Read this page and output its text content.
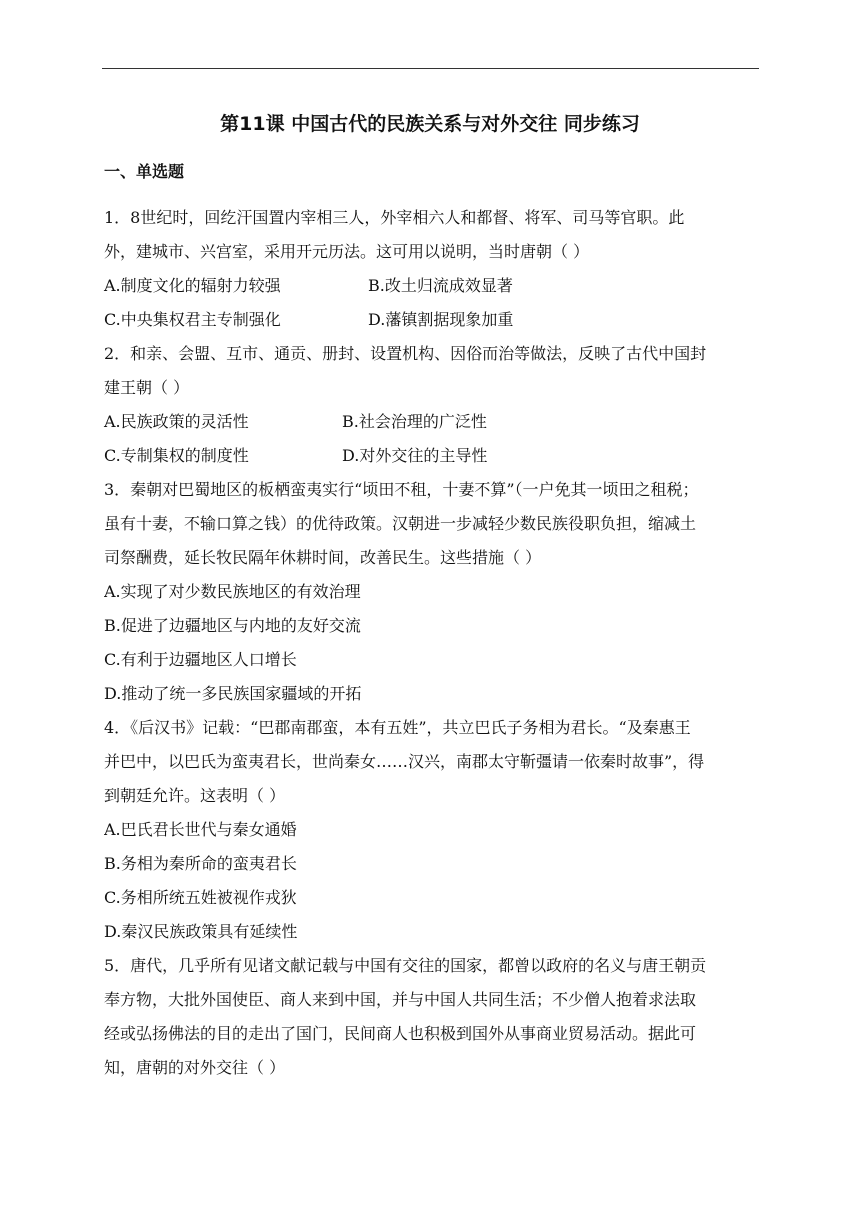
第11课 中国古代的民族关系与对外交往 同步练习
一、单选题
1．8世纪时，回纥汗国置内宰相三人，外宰相六人和都督、将军、司马等官职。此
外，建城市、兴宫室，采用开元历法。这可用以说明，当时唐朝（ ）
A.制度文化的辐射力较强	B.改土归流成效显著
C.中央集权君主专制强化	D.藩镇割据现象加重
2．和亲、会盟、互市、通贡、册封、设置机构、因俗而治等做法，反映了古代中国封
建王朝（ ）
A.民族政策的灵活性	B.社会治理的广泛性
C.专制集权的制度性	D.对外交往的主导性
3．秦朝对巴蜀地区的板栖蛮夷实行“顷田不租，十妻不算”（一户免其一顷田之租税；
虽有十妻，不输口算之钱）的优待政策。汉朝进一步减轻少数民族役职负担，缩减土
司祭酬费，延长牧民隔年休耕时间，改善民生。这些措施（ ）
A.实现了对少数民族地区的有效治理
B.促进了边疆地区与内地的友好交流
C.有利于边疆地区人口增长
D.推动了统一多民族国家疆域的开拓
4．《后汉书》记载：“巴郡南郡蛮，本有五姓”，共立巴氏子务相为君长。“及秦惠王
并巴中，以巴氏为蛮夷君长，世尚秦女……汉兴，南郡太守靳彊请一依秦时故事”，得
到朝廷允许。这表明（ ）
A.巴氏君长世代与秦女通婚
B.务相为秦所命的蛮夷君长
C.务相所统五姓被视作戎狄
D.秦汉民族政策具有延续性
5．唐代，几乎所有见诸文献记载与中国有交往的国家，都曾以政府的名义与唐王朝贡
奉方物，大批外国使臣、商人来到中国，并与中国人共同生活；不少僧人抱着求法取
经或弘扬佛法的目的走出了国门，民间商人也积极到国外从事商业贸易活动。据此可
知，唐朝的对外交往（ ）
